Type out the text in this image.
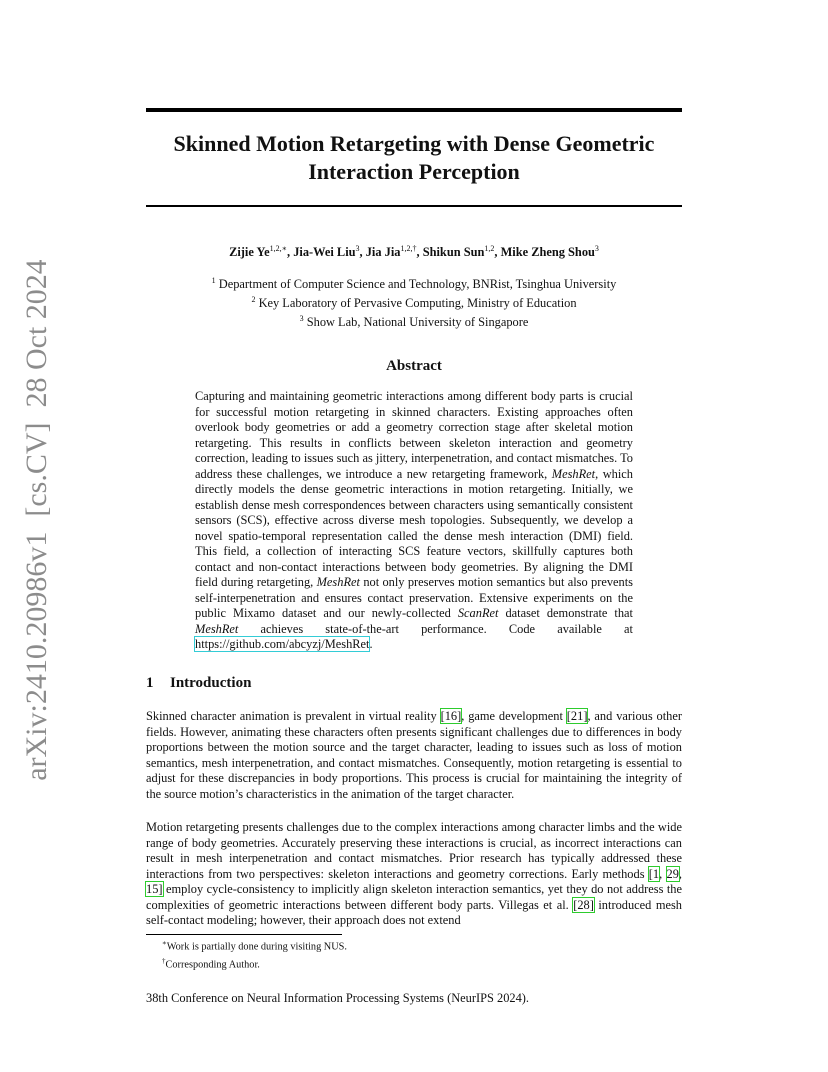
arXiv:2410.20986v1  [cs.CV]  28 Oct 2024
Skinned Motion Retargeting with Dense Geometric
Interaction Perception
Zijie $Ye^{1,2,∗}$, Jia-Wei Liu$^3$, Jia Jia$^{1,2,\dagger}$, Shikun Sun$^{1,2}$, Mike Zheng Shou$^3$
$^1$ Department of Computer Science and Technology, BNRist, Tsinghua University
$^2$ Key Laboratory of Pervasive Computing, Ministry of Education
$^3$ Show Lab, National University of Singapore
Abstract
Capturing and maintaining geometric interactions among different body parts is crucial for successful motion retargeting in skinned characters. Existing approaches often overlook body geometries or add a geometry correction stage after skeletal motion retargeting. This results in conflicts between skeleton interaction and geometry correction, leading to issues such as jittery, interpenetration, and contact mismatches. To address these challenges, we introduce a new retargeting framework, MeshRet, which directly models the dense geometric interactions in motion retargeting. Initially, we establish dense mesh correspondences between characters using semantically consistent sensors (SCS), effective across diverse mesh topologies. Subsequently, we develop a novel spatio-temporal representation called the dense mesh interaction (DMI) field. This field, a collection of interacting SCS feature vectors, skillfully captures both contact and non-contact interactions between body geometries. By aligning the DMI field during retargeting, MeshRet not only preserves motion semantics but also prevents self-interpenetration and ensures contact preservation. Extensive experiments on the public Mixamo dataset and our newly-collected ScanRet dataset demonstrate that MeshRet achieves state-of-the-art performance. Code available at https://github.com/abcyzj/MeshRet.
1 Introduction
Skinned character animation is prevalent in virtual reality [16], game development [21], and various other fields. However, animating these characters often presents significant challenges due to differences in body proportions between the motion source and the target character, leading to issues such as loss of motion semantics, mesh interpenetration, and contact mismatches. Consequently, motion retargeting is essential to adjust for these discrepancies in body proportions. This process is crucial for maintaining the integrity of the source motion’s characteristics in the animation of the target character.
Motion retargeting presents challenges due to the complex interactions among character limbs and the wide range of body geometries. Accurately preserving these interactions is crucial, as incorrect interactions can result in mesh interpenetration and contact mismatches. Prior research has typically addressed these interactions from two perspectives: skeleton interactions and geometry corrections. Early methods [1, 29, 15] employ cycle-consistency to implicitly align skeleton interaction semantics, yet they do not address the complexities of geometric interactions between different body parts. Villegas et al. [28] introduced mesh self-contact modeling; however, their approach does not extend
∗Work is partially done during visiting NUS.
†Corresponding Author.
38th Conference on Neural Information Processing Systems (NeurIPS 2024).
